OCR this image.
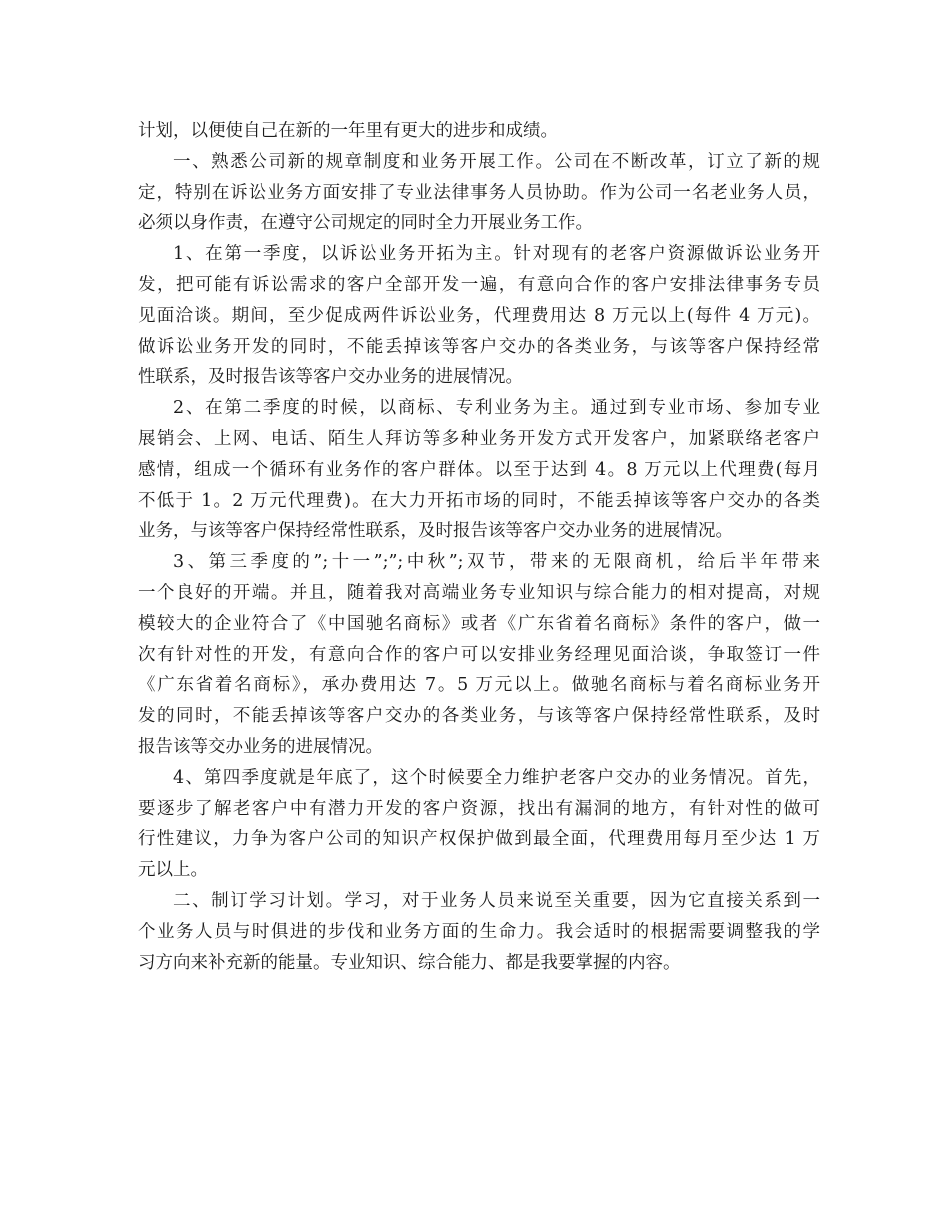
计划，以便使自己在新的一年里有更大的进步和成绩。
一、熟悉公司新的规章制度和业务开展工作。公司在不断改革，订立了新的规
定，特别在诉讼业务方面安排了专业法律事务人员协助。作为公司一名老业务人员，
必须以身作责，在遵守公司规定的同时全力开展业务工作。
1、在第一季度，以诉讼业务开拓为主。针对现有的老客户资源做诉讼业务开
发，把可能有诉讼需求的客户全部开发一遍，有意向合作的客户安排法律事务专员
见面洽谈。期间，至少促成两件诉讼业务，代理费用达 8 万元以上(每件 4 万元)。
做诉讼业务开发的同时，不能丢掉该等客户交办的各类业务，与该等客户保持经常
性联系，及时报告该等客户交办业务的进展情况。
2、在第二季度的时候，以商标、专利业务为主。通过到专业市场、参加专业
展销会、上网、电话、陌生人拜访等多种业务开发方式开发客户，加紧联络老客户
感情，组成一个循环有业务作的客户群体。以至于达到 4。8 万元以上代理费(每月
不低于 1。2 万元代理费)。在大力开拓市场的同时，不能丢掉该等客户交办的各类
业务，与该等客户保持经常性联系，及时报告该等客户交办业务的进展情况。
3、第三季度的”;十一”;”;中秋”;双节，带来的无限商机，给后半年带来
一个良好的开端。并且，随着我对高端业务专业知识与综合能力的相对提高，对规
模较大的企业符合了《中国驰名商标》或者《广东省着名商标》条件的客户，做一
次有针对性的开发，有意向合作的客户可以安排业务经理见面洽谈，争取签订一件
《广东省着名商标》，承办费用达 7。5 万元以上。做驰名商标与着名商标业务开
发的同时，不能丢掉该等客户交办的各类业务，与该等客户保持经常性联系，及时
报告该等交办业务的进展情况。
4、第四季度就是年底了，这个时候要全力维护老客户交办的业务情况。首先，
要逐步了解老客户中有潜力开发的客户资源，找出有漏洞的地方，有针对性的做可
行性建议，力争为客户公司的知识产权保护做到最全面，代理费用每月至少达 1 万
元以上。
二、制订学习计划。学习，对于业务人员来说至关重要，因为它直接关系到一
个业务人员与时俱进的步伐和业务方面的生命力。我会适时的根据需要调整我的学
习方向来补充新的能量。专业知识、综合能力、都是我要掌握的内容。
